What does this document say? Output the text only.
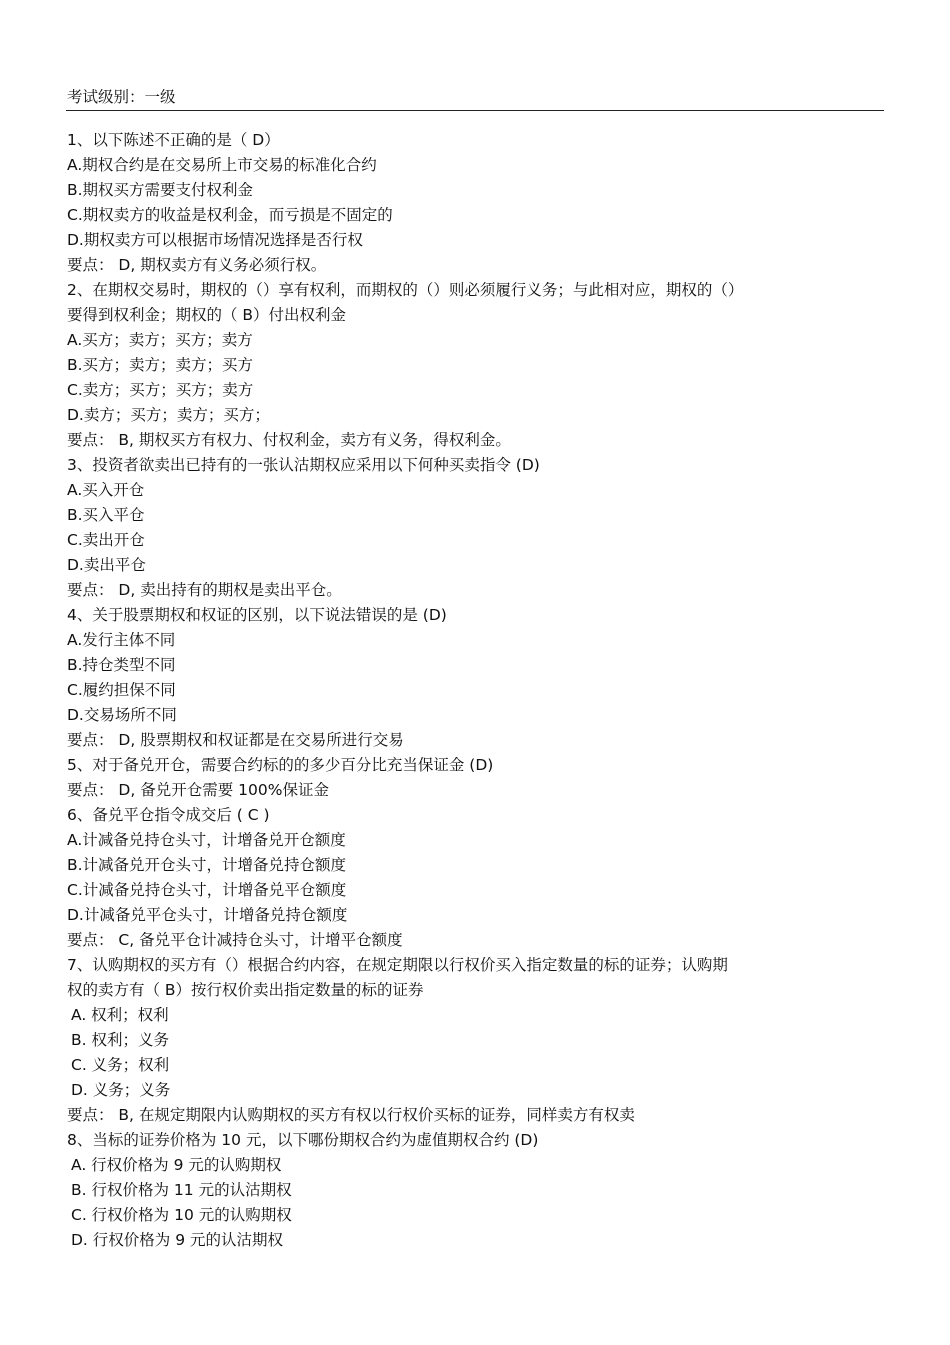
考试级别：一级
1、以下陈述不正确的是（ D）
A.期权合约是在交易所上市交易的标准化合约
B.期权买方需要支付权利金
C.期权卖方的收益是权利金，而亏损是不固定的
D.期权卖方可以根据市场情况选择是否行权
要点： D, 期权卖方有义务必须行权。
2、在期权交易时，期权的（）享有权利，而期权的（）则必须履行义务；与此相对应，期权的（）
要得到权利金；期权的（ B）付出权利金
A.买方；卖方；买方；卖方
B.买方；卖方；卖方；买方
C.卖方；买方；买方；卖方
D.卖方；买方；卖方；买方；
要点： B, 期权买方有权力、付权利金，卖方有义务，得权利金。
3、投资者欲卖出已持有的一张认沽期权应采用以下何种买卖指令 (D)
A.买入开仓
B.买入平仓
C.卖出开仓
D.卖出平仓
要点： D, 卖出持有的期权是卖出平仓。
4、关于股票期权和权证的区别，以下说法错误的是 (D)
A.发行主体不同
B.持仓类型不同
C.履约担保不同
D.交易场所不同
要点： D, 股票期权和权证都是在交易所进行交易
5、对于备兑开仓，需要合约标的的多少百分比充当保证金 (D)
要点： D, 备兑开仓需要 100%保证金
6、备兑平仓指令成交后 ( C )
A.计减备兑持仓头寸，计增备兑开仓额度
B.计减备兑开仓头寸，计增备兑持仓额度
C.计减备兑持仓头寸，计增备兑平仓额度
D.计减备兑平仓头寸，计增备兑持仓额度
要点： C, 备兑平仓计减持仓头寸，计增平仓额度
7、认购期权的买方有（）根据合约内容，在规定期限以行权价买入指定数量的标的证券；认购期
权的卖方有（ B）按行权价卖出指定数量的标的证券
A. 权利；权利
B. 权利；义务
C. 义务；权利
D. 义务；义务
要点： B, 在规定期限内认购期权的买方有权以行权价买标的证券，同样卖方有权卖
8、当标的证券价格为 10 元，以下哪份期权合约为虚值期权合约 (D)
A. 行权价格为 9 元的认购期权
B. 行权价格为 11 元的认沽期权
C. 行权价格为 10 元的认购期权
D. 行权价格为 9 元的认沽期权
